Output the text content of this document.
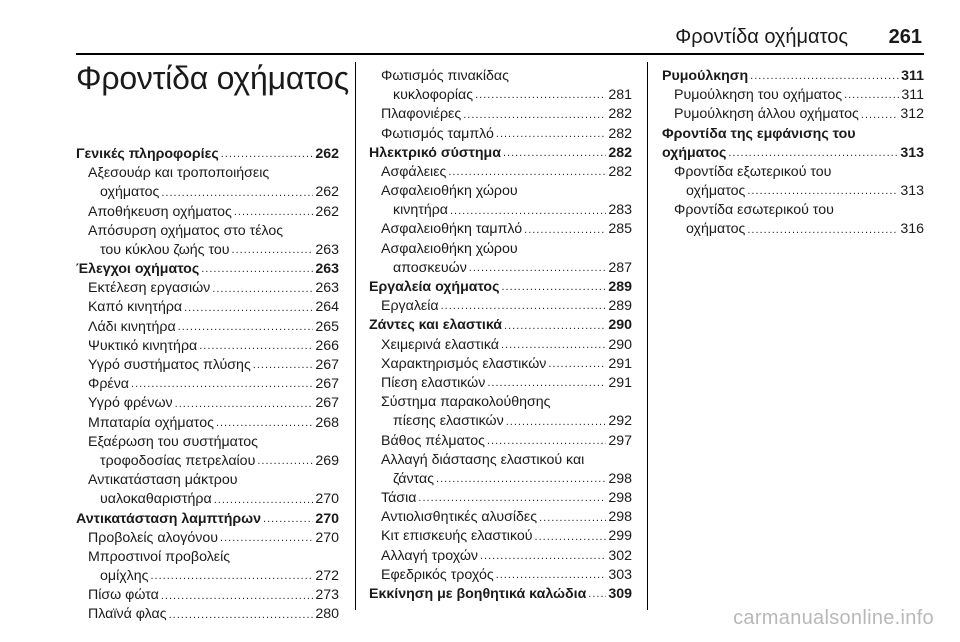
Φροντίδα οχήματος 261
Φροντίδα οχήματος
Γενικές πληροφορίες .....	262
Αξεσουάρ και τροποποιήσεις
οχήματος .....	262
Αποθήκευση οχήματος .....	262
Απόσυρση οχήματος στο τέλος
του κύκλου ζωής του .....	263
Έλεγχοι οχήματος .....	263
Εκτέλεση εργασιών .....	263
Καπό κινητήρα .....	264
Λάδι κινητήρα .....	265
Ψυκτικό κινητήρα .....	266
Υγρό συστήματος πλύσης .....	267
Φρένα .....	267
Υγρό φρένων .....	267
Μπαταρία οχήματος .....	268
Εξαέρωση του συστήματος
τροφοδοσίας πετρελαίου .....	269
Αντικατάσταση μάκτρου
υαλοκαθαριστήρα .....	270
Αντικατάσταση λαμπτήρων .....	270
Προβολείς αλογόνου .....	270
Μπροστινοί προβολείς
ομίχλης .....	272
Πίσω φώτα .....	273
Πλαϊνά φλας .....	280
Φωτισμός πινακίδας
κυκλοφορίας .....	281
Πλαφονιέρες .....	282
Φωτισμός ταμπλό .....	282
Ηλεκτρικό σύστημα .....	282
Ασφάλειες .....	282
Ασφαλειοθήκη χώρου
κινητήρα .....	283
Ασφαλειοθήκη ταμπλό .....	285
Ασφαλειοθήκη χώρου
αποσκευών .....	287
Εργαλεία οχήματος .....	289
Εργαλεία .....	289
Ζάντες και ελαστικά .....	290
Χειμερινά ελαστικά .....	290
Χαρακτηρισμός ελαστικών .....	291
Πίεση ελαστικών .....	291
Σύστημα παρακολούθησης
πίεσης ελαστικών .....	292
Βάθος πέλματος .....	297
Αλλαγή διάστασης ελαστικού και
ζάντας .....	298
Τάσια .....	298
Αντιολισθητικές αλυσίδες .....	298
Κιτ επισκευής ελαστικού .....	299
Αλλαγή τροχών .....	302
Εφεδρικός τροχός .....	303
Εκκίνηση με βοηθητικά καλώδια ..... 309
Ρυμούλκηση .....	311
Ρυμούλκηση του οχήματος .....	311
Ρυμούλκηση άλλου οχήματος .....	312
Φροντίδα της εμφάνισης του
οχήματος .....	313
Φροντίδα εξωτερικού του
οχήματος .....	313
Φροντίδα εσωτερικού του
οχήματος .....	316
carmanualsonline.info
